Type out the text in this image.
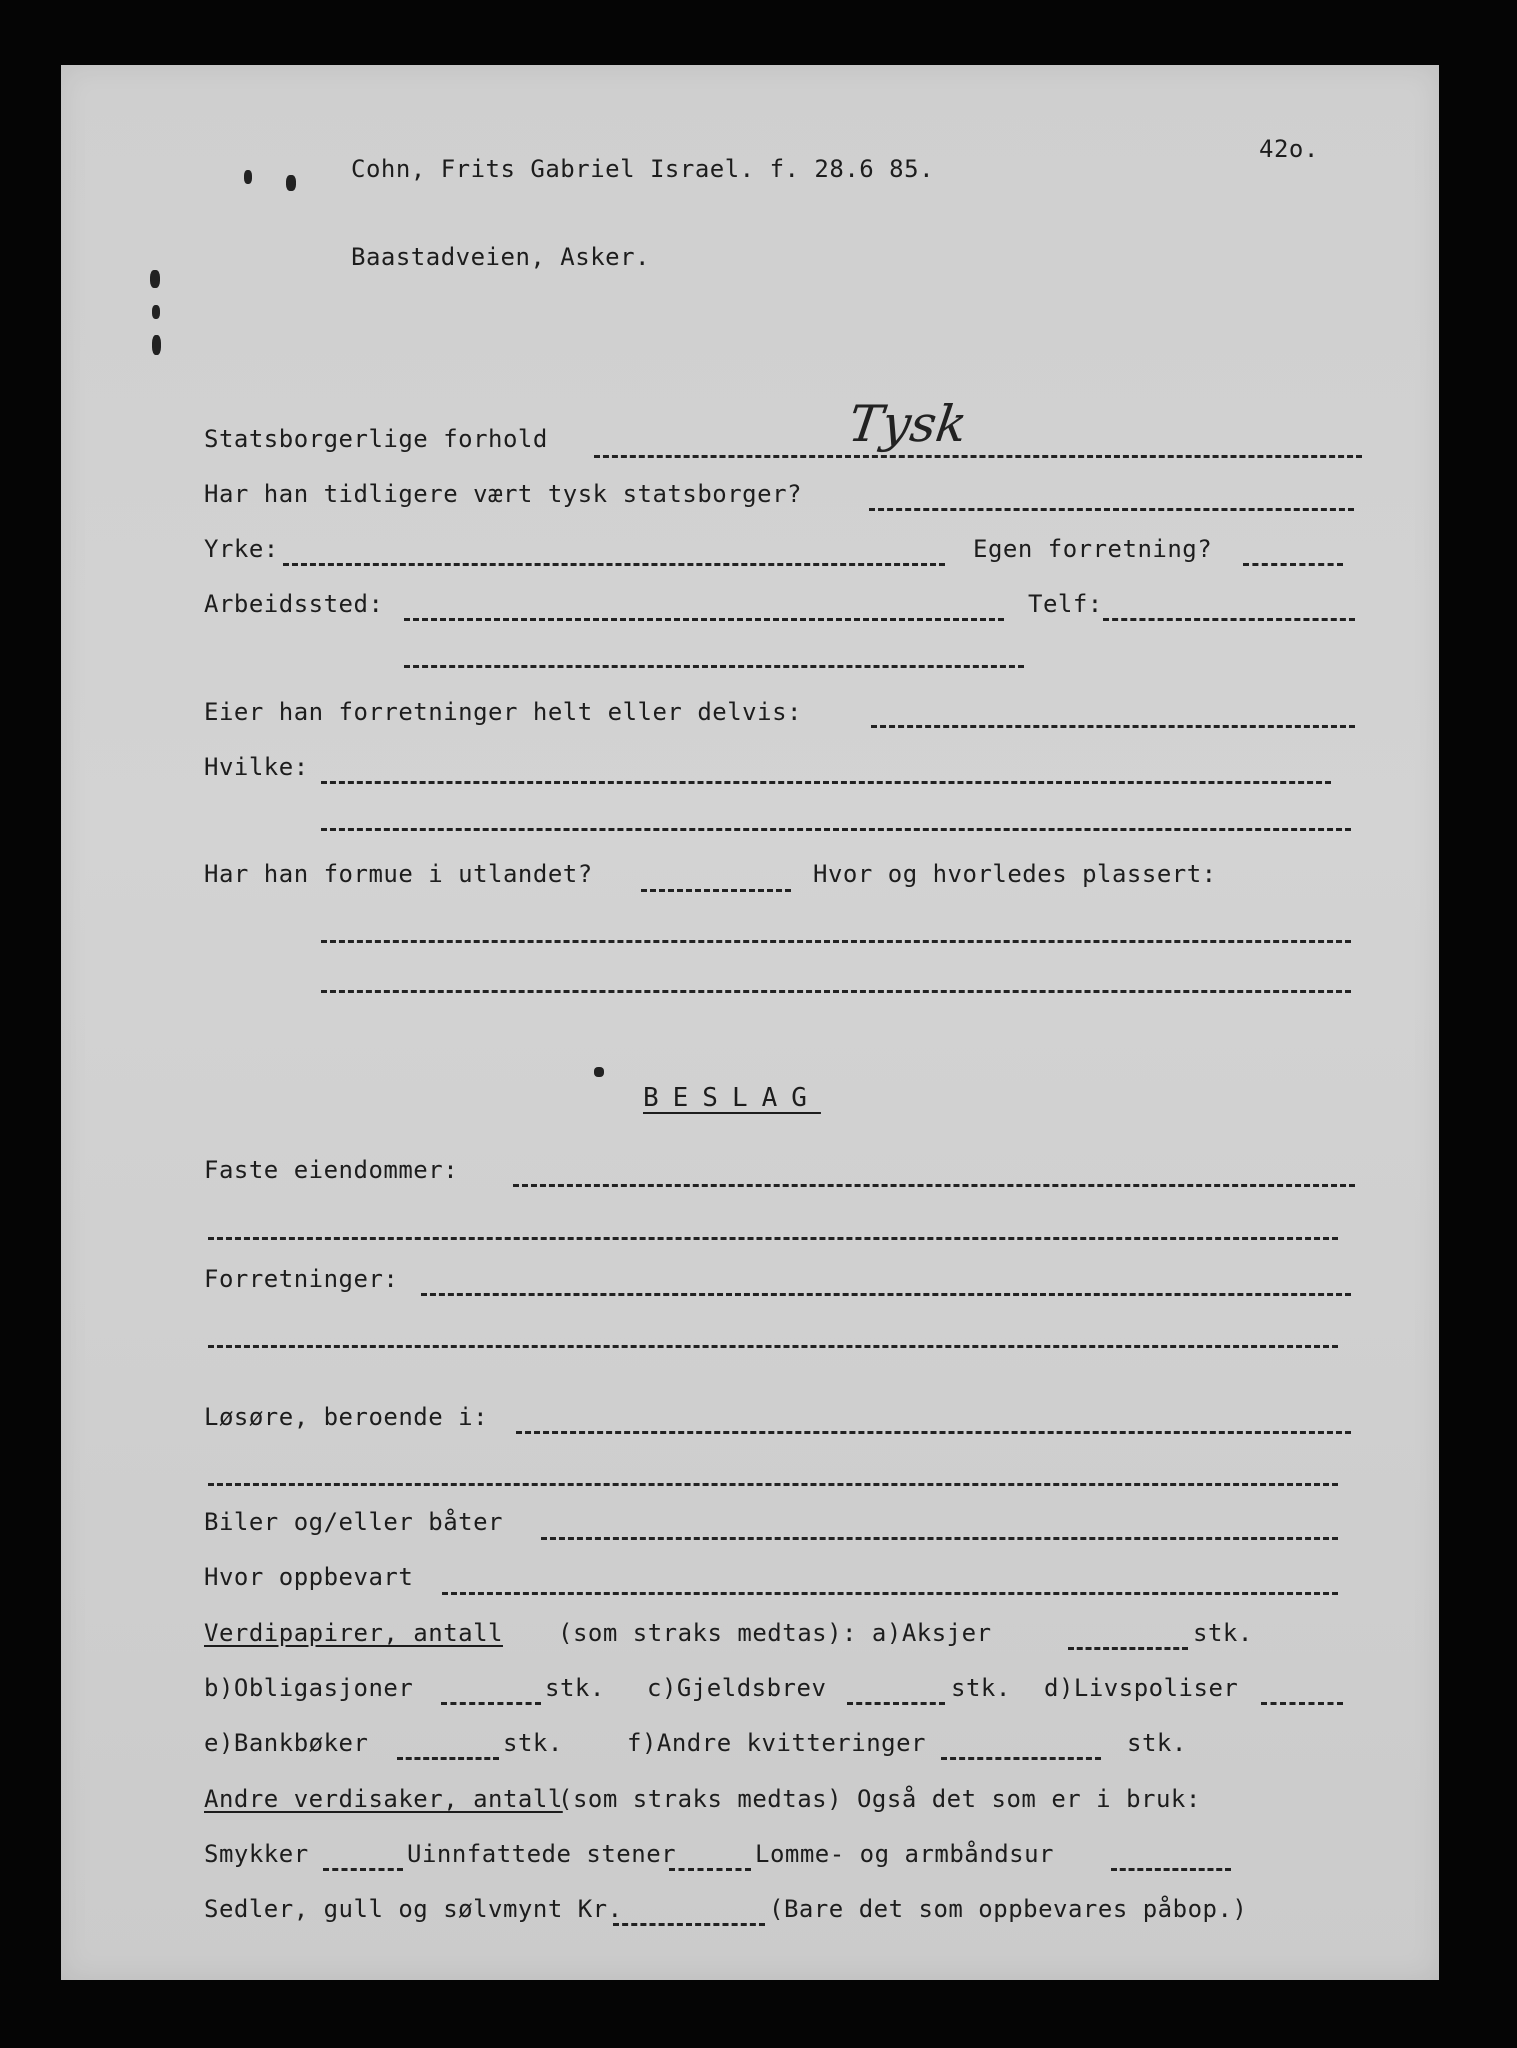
42o.
Cohn, Frits Gabriel Israel. f. 28.6 85.
Baastadveien, Asker.
Statsborgerlige forhold	Tysk
Har han tidligere vært tysk statsborger?
Yrke:	Egen forretning?
Arbeidssted:	Telf:
Eier han forretninger helt eller delvis:
Hvilke:
Har han formue i utlandet?	Hvor og hvorledes plassert:
BESLAG
Faste eiendommer:
Forretninger:
Løsøre, beroende i:
Biler og/eller båter
Hvor oppbevart
Verdipapirer, antall (som straks medtas): a)Aksjer	stk.
b)Obligasjoner	stk. c)Gjeldsbrev	stk. d)Livspoliser
e)Bankbøker	stk.	f)Andre kvitteringer	stk.
Andre verdisaker, antall
(som straks medtas) Også det som er i bruk:
Smykker	Uinnfattede stener	Lomme- og armbåndsur
Sedler, gull og sølvmynt Kr.	(Bare det som oppbevares påbop.)
